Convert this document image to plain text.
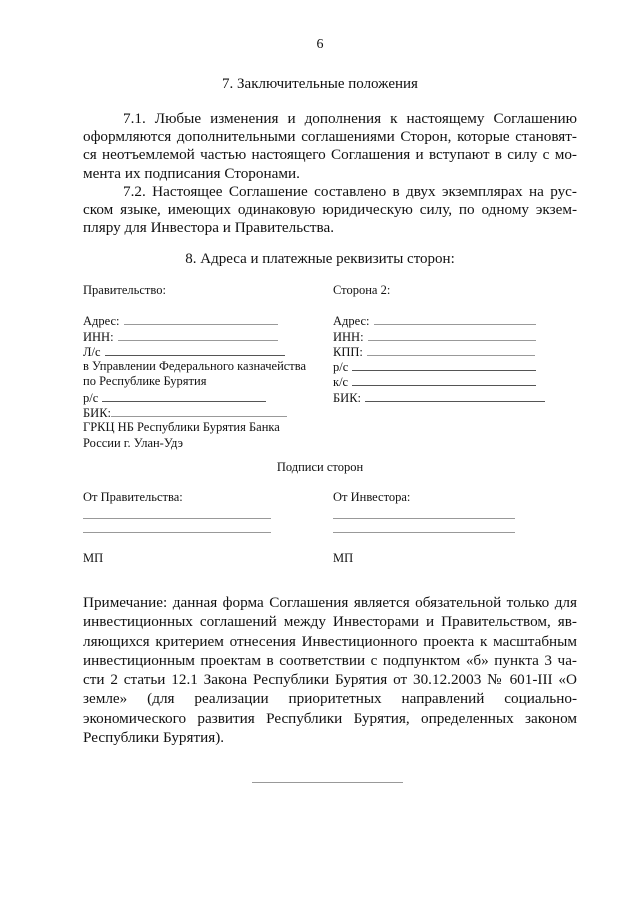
6
7. Заключительные положения
7.1. Любые изменения и дополнения к настоящему Соглашению
оформляются дополнительными соглашениями Сторон, которые становят-
ся неотъемлемой частью настоящего Соглашения и вступают в силу с мо-
мента их подписания Сторонами.
7.2. Настоящее Соглашение составлено в двух экземплярах на рус-
ском языке, имеющих одинаковую юридическую силу, по одному экзем-
пляру для Инвестора и Правительства.
8. Адреса и платежные реквизиты сторон:
Правительство:
Адрес:
ИНН:
Л/с
в Управлении Федерального казначейства
по Республике Бурятия
р/с
БИК:
ГРКЦ НБ Республики Бурятия Банка
России г. Улан-Удэ
Сторона 2:
Адрес:
ИНН:
КПП:
р/с
к/с
БИК:
Подписи сторон
От Правительства:	От Инвестора:
МП	МП
Примечание: данная форма Соглашения является обязательной только для
инвестиционных соглашений между Инвесторами и Правительством, яв-
ляющихся критерием отнесения Инвестиционного проекта к масштабным
инвестиционным проектам в соответствии с подпунктом «б» пункта 3 ча-
сти 2 статьи 12.1 Закона Республики Бурятия от 30.12.2003 № 601-III «О
земле» (для реализации приоритетных направлений социально-
экономического развития Республики Бурятия, определенных законом
Республики Бурятия).
